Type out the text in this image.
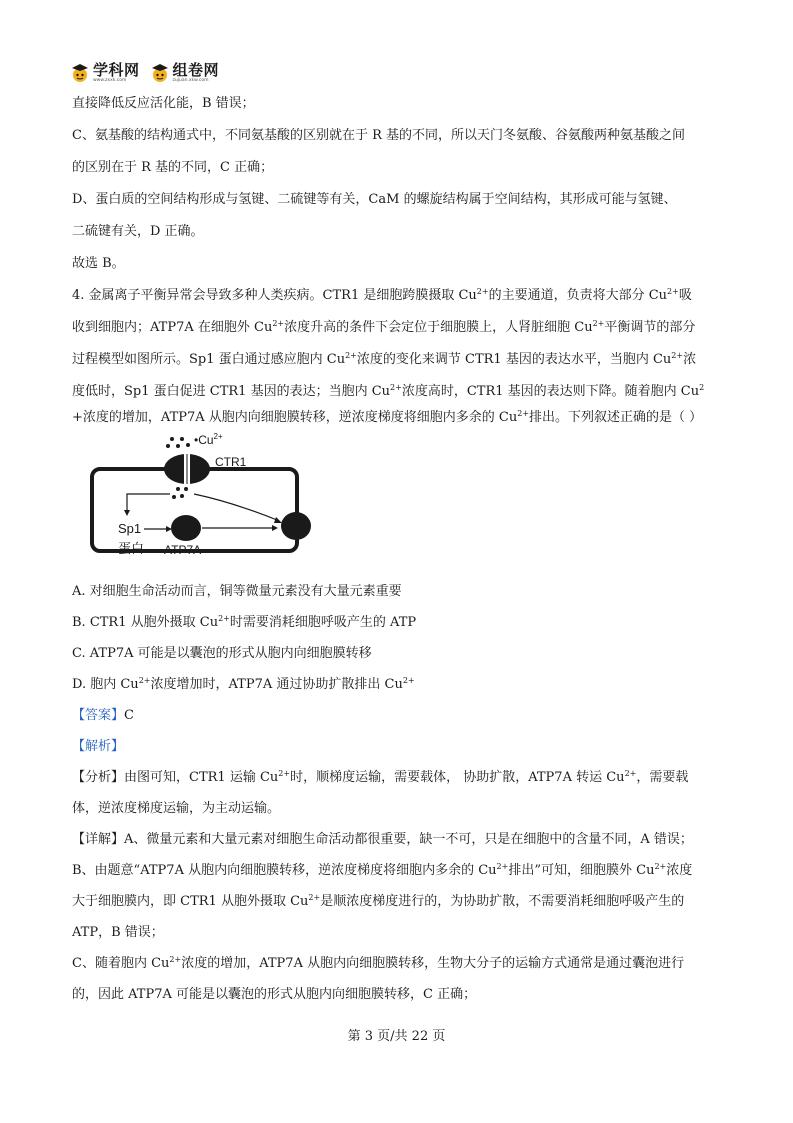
学科网
www.zxxk.com
组卷网
zujuan.xkw.com
直接降低反应活化能，B 错误；
C、氨基酸的结构通式中，不同氨基酸的区别就在于 R 基的不同，所以天门冬氨酸、谷氨酸两种氨基酸之间
的区别在于 R 基的不同，C 正确；
D、蛋白质的空间结构形成与氢键、二硫键等有关，CaM 的螺旋结构属于空间结构，其形成可能与氢键、
二硫键有关，D 正确。
故选 B。
4. 金属离子平衡异常会导致多种人类疾病。CTR1 是细胞跨膜摄取 $Cu^{2+}$的主要通道，负责将大部分 $Cu^{2+}$吸
收到细胞内；ATP7A 在细胞外 $Cu^{2+}$浓度升高的条件下会定位于细胞膜上，人肾脏细胞 $Cu^{2+}$平衡调节的部分
过程模型如图所示。Sp1 蛋白通过感应胞内 $Cu^{2+}$浓度的变化来调节 CTR1 基因的表达水平，当胞内 $Cu^{2+}$浓
度低时，Sp1 蛋白促进 CTR1 基因的表达；当胞内 $Cu^{2+}$浓度高时，CTR1 基因的表达则下降。随着胞内 $Cu^2$
+浓度的增加，ATP7A 从胞内向细胞膜转移，逆浓度梯度将细胞内多余的 $Cu^{2+}$排出。下列叙述正确的是（ ）
$•Cu^{2+}$
CTR1
Sp1
蛋白 ATP7A
A. 对细胞生命活动而言，铜等微量元素没有大量元素重要
B. CTR1 从胞外摄取 $Cu^{2+}$时需要消耗细胞呼吸产生的 ATP
C. ATP7A 可能是以囊泡的形式从胞内向细胞膜转移
D. 胞内 $Cu^{2+}$浓度增加时，ATP7A 通过协助扩散排出 $Cu^{2+}$
【答案】C
【解析】
【分析】由图可知，CTR1 运输 $Cu^{2+}$时，顺梯度运输，需要载体， 协助扩散，ATP7A 转运 $Cu^{2+}$，需要载
体，逆浓度梯度运输，为主动运输。
【详解】A、微量元素和大量元素对细胞生命活动都很重要，缺一不可，只是在细胞中的含量不同，A 错误；
B、由题意“ATP7A 从胞内向细胞膜转移，逆浓度梯度将细胞内多余的 $Cu^{2+}$排出”可知，细胞膜外 $Cu^{2+}$浓度
大于细胞膜内，即 CTR1 从胞外摄取 $Cu^{2+}$是顺浓度梯度进行的，为协助扩散，不需要消耗细胞呼吸产生的
ATP，B 错误；
C、随着胞内 $Cu^{2+}$浓度的增加，ATP7A 从胞内向细胞膜转移，生物大分子的运输方式通常是通过囊泡进行
的，因此 ATP7A 可能是以囊泡的形式从胞内向细胞膜转移，C 正确；
第 3 页/共 22 页
